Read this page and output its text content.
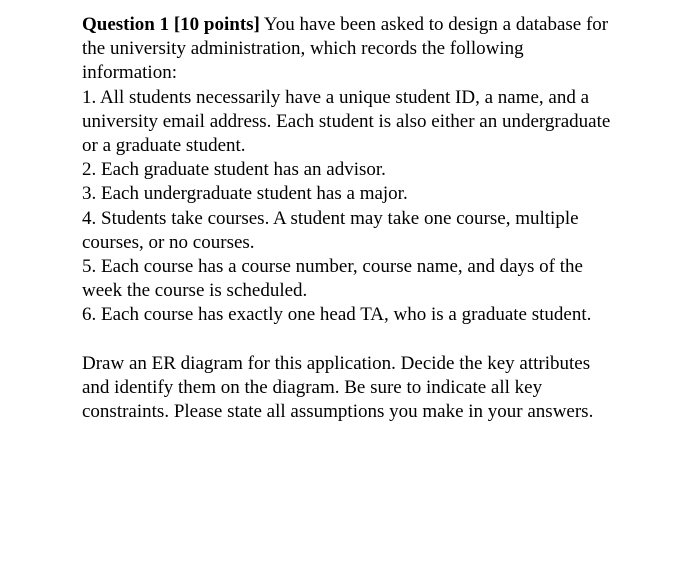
Question 1 [10 points] You have been asked to design a database for the university administration, which records the following information:

1. All students necessarily have a unique student ID, a name, and a university email address. Each student is also either an undergraduate or a graduate student.

2. Each graduate student has an advisor.

3. Each undergraduate student has a major.

4. Students take courses. A student may take one course, multiple courses, or no courses.

5. Each course has a course number, course name, and days of the week the course is scheduled.

6. Each course has exactly one head TA, who is a graduate student.

Draw an ER diagram for this application. Decide the key attributes and identify them on the diagram. Be sure to indicate all key constraints. Please state all assumptions you make in your answers.
